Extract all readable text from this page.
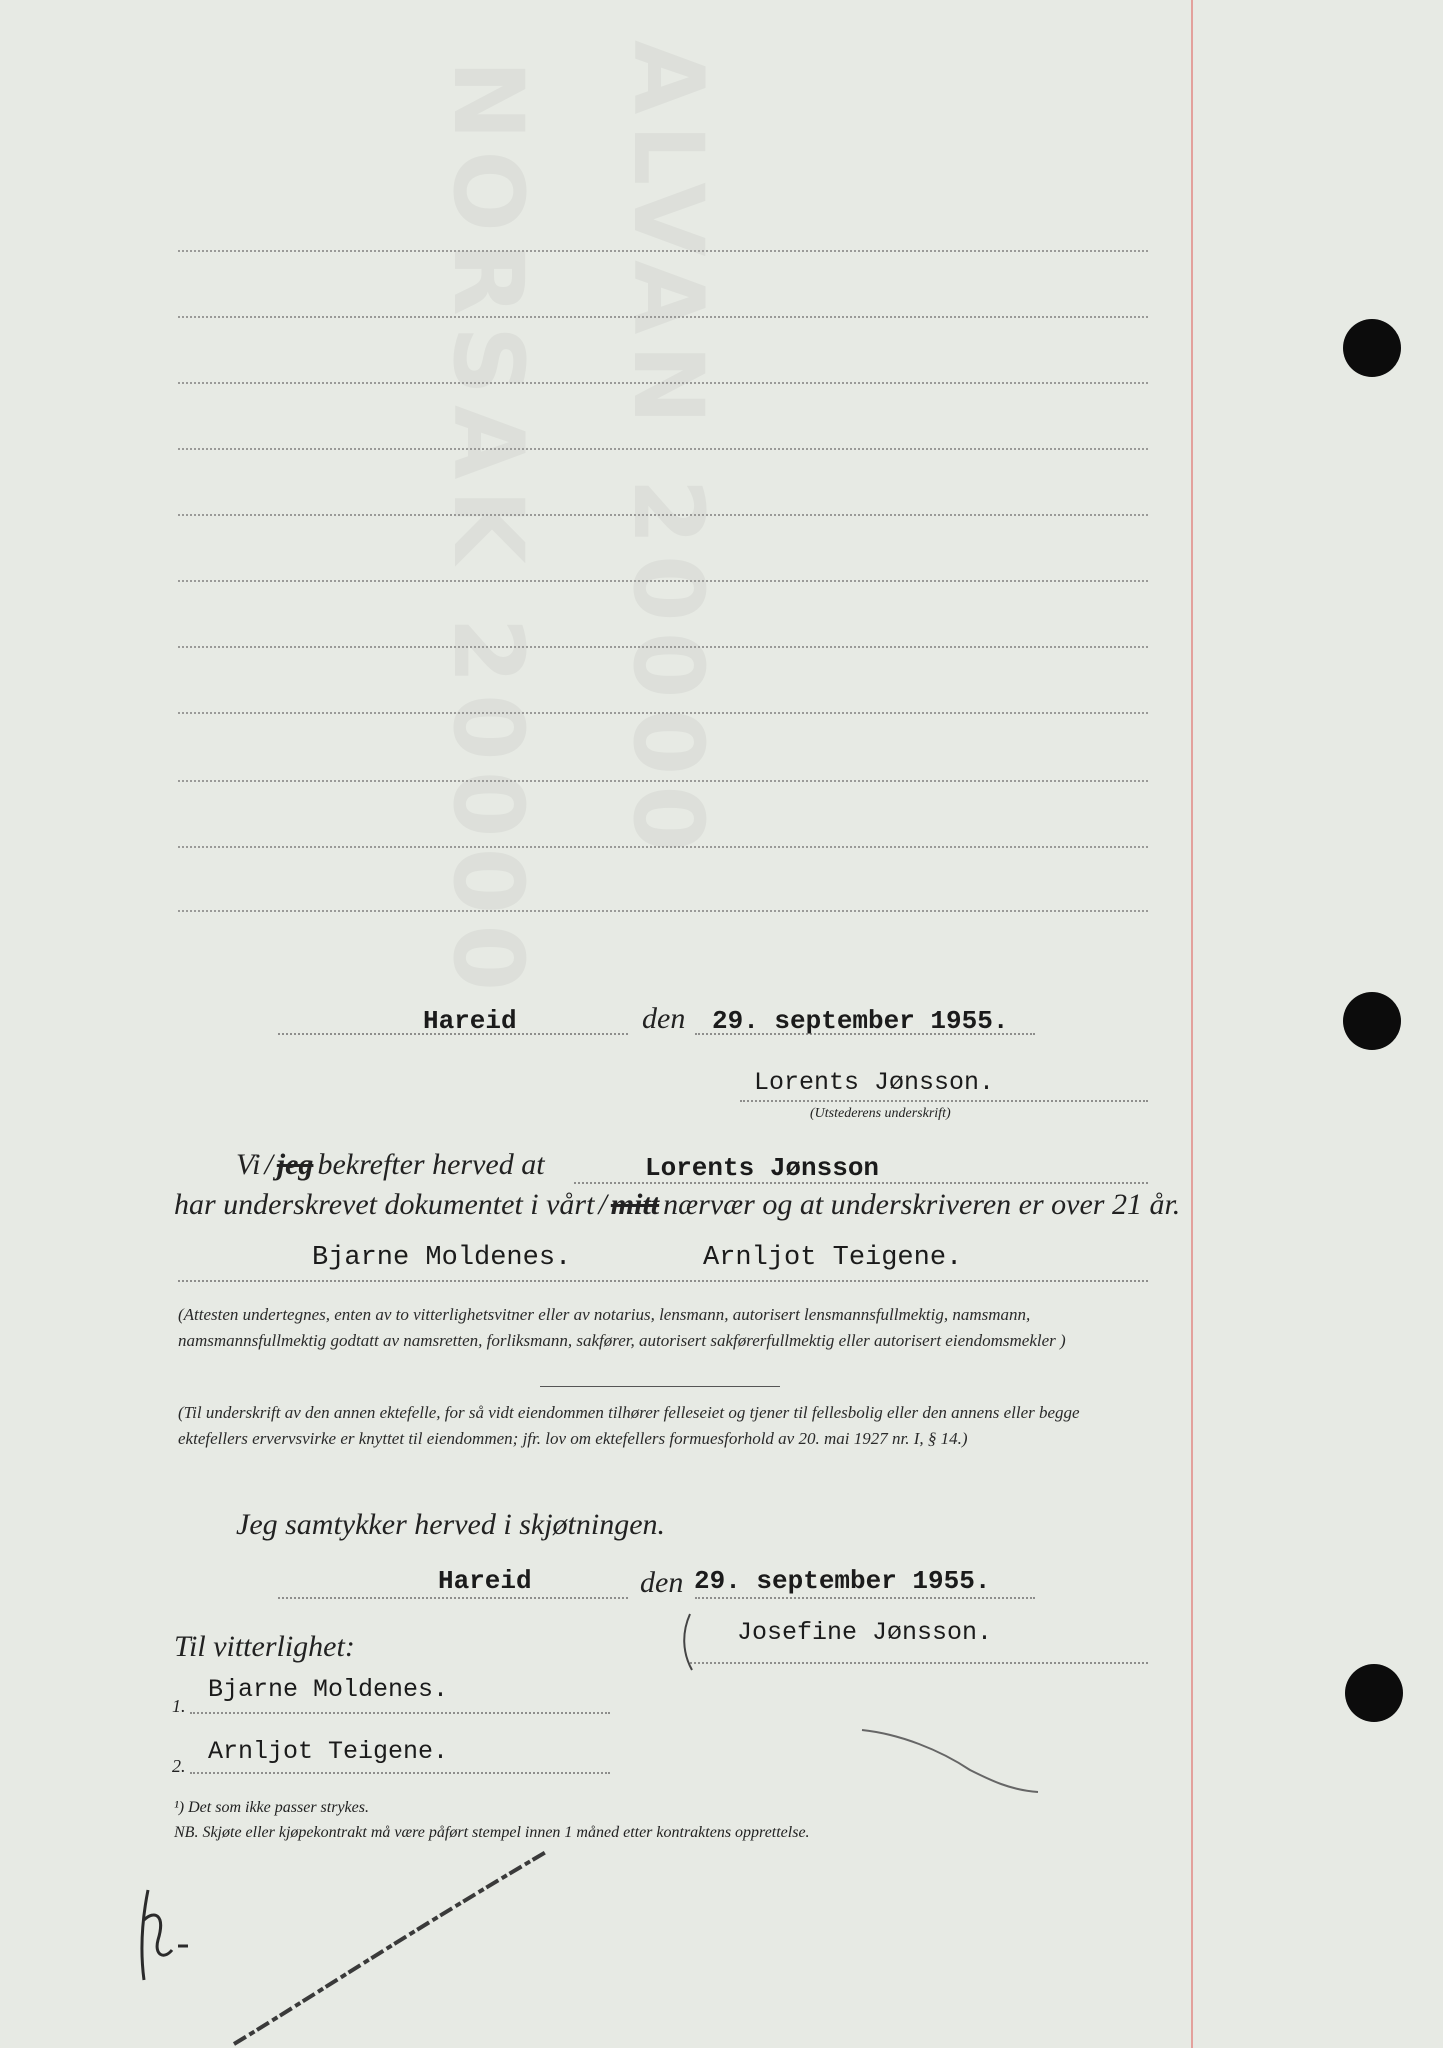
NORSAK 20000 ALVAN 20000
Hareid	den 29. september 1955.
Lorents Jønsson.
(Utstederens underskrift)
Vi / jeg bekrefter herved at	Lorents Jønsson
har underskrevet dokumentet i vårt / mitt nærvær og at underskriveren er over 21 år.
Bjarne Moldenes.	Arnljot Teigene.
(Attesten undertegnes, enten av to vitterlighetsvitner eller av notarius, lensmann, autorisert lensmannsfullmektig, namsmann, namsmannsfullmektig godtatt av namsretten, forliksmann, sakfører, autorisert sakførerfullmektig eller autorisert eiendomsmekler )
(Til underskrift av den annen ektefelle, for så vidt eiendommen tilhører felleseiet og tjener til fellesbolig eller den annens eller begge ektefellers ervervsvirke er knyttet til eiendommen; jfr. lov om ektefellers formuesforhold av 20. mai 1927 nr. I, § 14.)
Jeg samtykker herved i skjøtningen.
Hareid	den 29. september 1955.
Josefine Jønsson.
Til vitterlighet:
1.
Bjarne Moldenes.
2. Arnljot Teigene.
¹) Det som ikke passer strykes.
NB. Skjøte eller kjøpekontrakt må være påført stempel innen 1 måned etter kontraktens opprettelse.
